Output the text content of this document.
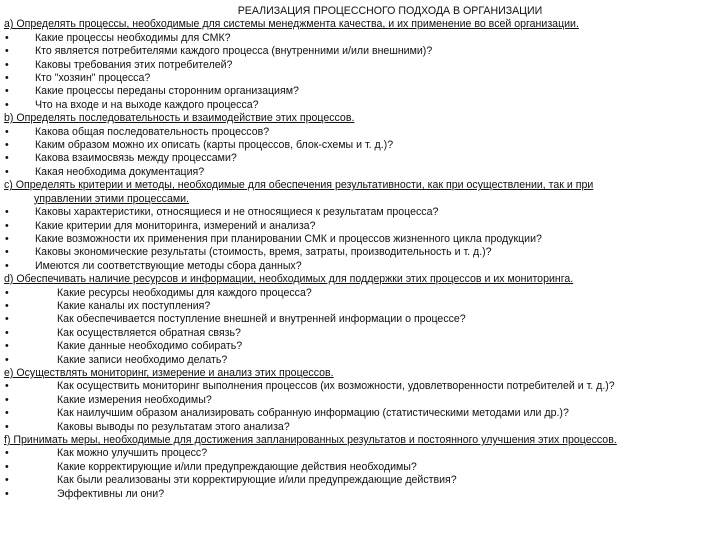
РЕАЛИЗАЦИЯ ПРОЦЕССНОГО ПОДХОДА В ОРГАНИЗАЦИИ
а) Определять процессы, необходимые для системы менеджмента качества, и их применение во всей организации.
•	Какие процессы необходимы для СМК?
•	Кто является потребителями каждого процесса (внутренними и/или внешними)?
•	Каковы требования этих потребителей?
•	Кто "хозяин" процесса?
•	Какие процессы переданы сторонним организациям?
•	Что на входе и на выходе каждого процесса?
b) Определять последовательность и взаимодействие этих процессов.
•	Какова общая последовательность процессов?
•	Каким образом можно их описать (карты процессов, блок-схемы и т. д.)?
•	Какова взаимосвязь между процессами?
•	Какая необходима документация?
c) Определять критерии и методы, необходимые для обеспечения результативности, как при осуществлении, так и при
управлении этими процессами.
•	Каковы характеристики, относящиеся и не относящиеся к результатам процесса?
•	Какие критерии для мониторинга, измерений и анализа?
•	Какие возможности их применения при планировании СМК и процессов жизненного цикла продукции?
•	Каковы экономические результаты (стоимость, время, затраты, производительность и т. д.)?
•	Имеются ли соответствующие методы сбора данных?
d) Обеспечивать наличие ресурсов и информации, необходимых для поддержки этих процессов и их мониторинга.
•	Какие ресурсы необходимы для каждого процесса?
•	Какие каналы их поступления?
•	Как обеспечивается поступление внешней и внутренней информации о процессе?
•	Как осуществляется обратная связь?
•	Какие данные необходимо собирать?
•	Какие записи необходимо делать?
e) Осуществлять мониторинг, измерение и анализ этих процессов.
•	Как осуществить мониторинг выполнения процессов (их возможности, удовлетворенности потребителей и т. д.)?
•	Какие измерения необходимы?
•	Как наилучшим образом анализировать собранную информацию (статистическими методами или др.)?
•	Каковы выводы по результатам этого анализа?
f) Принимать меры, необходимые для достижения запланированных результатов и постоянного улучшения этих процессов.
•	Как можно улучшить процесс?
•	Какие корректирующие и/или предупреждающие действия необходимы?
•	Как были реализованы эти корректирующие и/или предупреждающие действия?
•	Эффективны ли они?
